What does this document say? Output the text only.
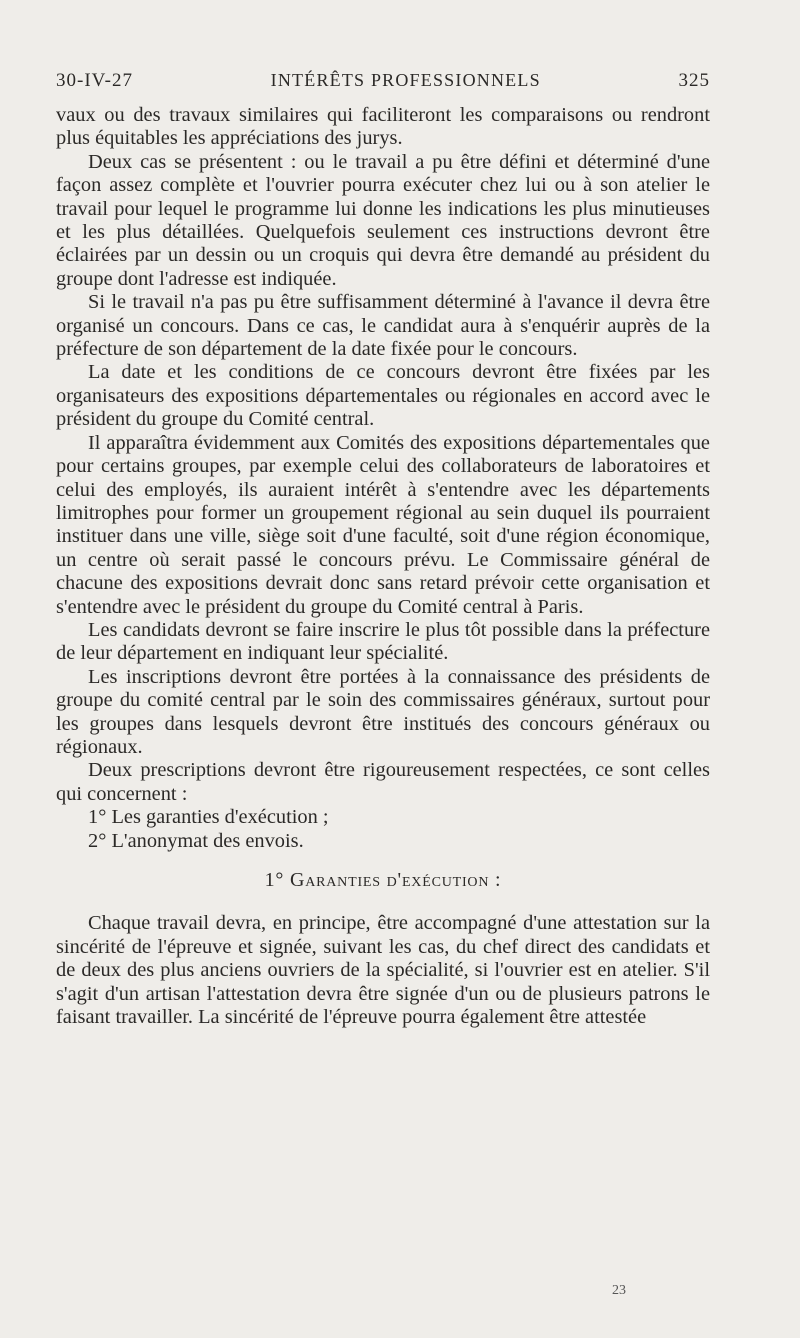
30-IV-27	INTÉRÊTS PROFESSIONNELS	325

vaux ou des travaux similaires qui faciliteront les comparaisons ou rendront plus équitables les appréciations des jurys.

Deux cas se présentent : ou le travail a pu être défini et déterminé d'une façon assez complète et l'ouvrier pourra exécuter chez lui ou à son atelier le travail pour lequel le programme lui donne les indications les plus minutieuses et les plus détaillées. Quelquefois seulement ces instructions devront être éclairées par un dessin ou un croquis qui devra être demandé au président du groupe dont l'adresse est indiquée.

Si le travail n'a pas pu être suffisamment déterminé à l'avance il devra être organisé un concours. Dans ce cas, le candidat aura à s'enquérir auprès de la préfecture de son département de la date fixée pour le concours.

La date et les conditions de ce concours devront être fixées par les organisateurs des expositions départementales ou régionales en accord avec le président du groupe du Comité central.

Il apparaîtra évidemment aux Comités des expositions départementales que pour certains groupes, par exemple celui des collaborateurs de laboratoires et celui des employés, ils auraient intérêt à s'entendre avec les départements limitrophes pour former un groupement régional au sein duquel ils pourraient instituer dans une ville, siège soit d'une faculté, soit d'une région économique, un centre où serait passé le concours prévu. Le Commissaire général de chacune des expositions devrait donc sans retard prévoir cette organisation et s'entendre avec le président du groupe du Comité central à Paris.

Les candidats devront se faire inscrire le plus tôt possible dans la préfecture de leur département en indiquant leur spécialité.

Les inscriptions devront être portées à la connaissance des présidents de groupe du comité central par le soin des commissaires généraux, surtout pour les groupes dans lesquels devront être institués des concours généraux ou régionaux.

Deux prescriptions devront être rigoureusement respectées, ce sont celles qui concernent :

1° Les garanties d'exécution ;

2° L'anonymat des envois.

1° Garanties d'exécution :

Chaque travail devra, en principe, être accompagné d'une attestation sur la sincérité de l'épreuve et signée, suivant les cas, du chef direct des candidats et de deux des plus anciens ouvriers de la spécialité, si l'ouvrier est en atelier. S'il s'agit d'un artisan l'attestation devra être signée d'un ou de plusieurs patrons le faisant travailler. La sincérité de l'épreuve pourra également être attestée

23
